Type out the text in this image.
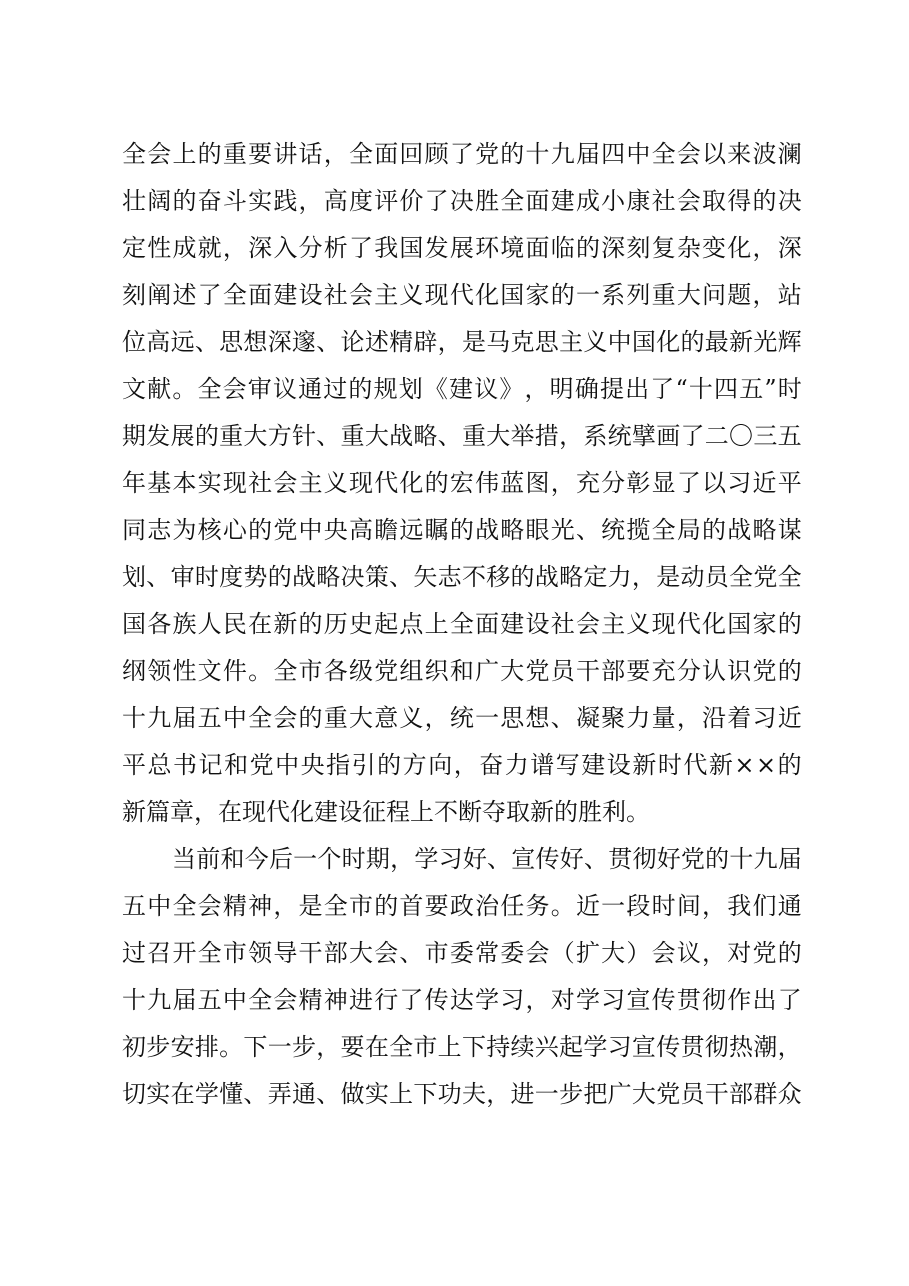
全 会 上 的 重 要 讲 话 ， 全 面 回 顾 了 党 的 十 九 届 四 中 全 会 以 来 波 澜
壮 阔 的 奋 斗 实 践 ， 高 度 评 价 了 决 胜 全 面 建 成 小 康 社 会 取 得 的 决
定 性 成 就 ， 深 入 分 析 了 我 国 发 展 环 境 面 临 的 深 刻 复 杂 变 化 ， 深
刻 阐 述 了 全 面 建 设 社 会 主 义 现 代 化 国 家 的 一 系 列 重 大 问 题 ， 站
位 高 远 、 思 想 深 邃 、 论 述 精 辟 ， 是 马 克 思 主 义 中 国 化 的 最 新 光 辉
文 献 。 全 会 审 议 通 过 的 规 划 《 建 议 》 ， 明 确 提 出 了 “ 十 四 五 ” 时
期 发 展 的 重 大 方 针 、 重 大 战 略 、 重 大 举 措 ， 系 统 擘 画 了 二 〇 三 五
年 基 本 实 现 社 会 主 义 现 代 化 的 宏 伟 蓝 图 ， 充 分 彰 显 了 以 习 近 平
同 志 为 核 心 的 党 中 央 高 瞻 远 瞩 的 战 略 眼 光 、 统 揽 全 局 的 战 略 谋
划 、 审 时 度 势 的 战 略 决 策 、 矢 志 不 移 的 战 略 定 力 ， 是 动 员 全 党 全
国 各 族 人 民 在 新 的 历 史 起 点 上 全 面 建 设 社 会 主 义 现 代 化 国 家 的
纲 领 性 文 件 。 全 市 各 级 党 组 织 和 广 大 党 员 干 部 要 充 分 认 识 党 的
十 九 届 五 中 全 会 的 重 大 意 义 ， 统 一 思 想 、 凝 聚 力 量 ， 沿 着 习 近
平 总 书 记 和 党 中 央 指 引 的 方 向 ， 奋 力 谱 写 建 设 新 时 代 新 × × 的
新篇章，在现代化建设征程上不断夺取新的胜利。
当 前 和 今 后 一 个 时 期 ， 学 习 好 、 宣 传 好 、 贯 彻 好 党 的 十 九 届
五 中 全 会 精 神 ， 是 全 市 的 首 要 政 治 任 务 。 近 一 段 时 间 ， 我 们 通
过 召 开 全 市 领 导 干 部 大 会 、 市 委 常 委 会 （ 扩 大 ） 会 议 ， 对 党 的
十 九 届 五 中 全 会 精 神 进 行 了 传 达 学 习 ， 对 学 习 宣 传 贯 彻 作 出 了
初 步 安 排 。 下 一 步 ， 要 在 全 市 上 下 持 续 兴 起 学 习 宣 传 贯 彻 热 潮 ，
切 实 在 学 懂 、 弄 通 、 做 实 上 下 功 夫 ， 进 一 步 把 广 大 党 员 干 部 群 众
